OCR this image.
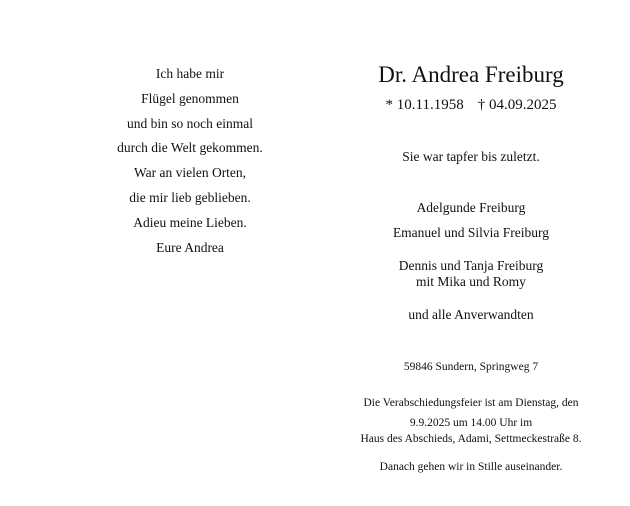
Ich habe mir
Flügel genommen
und bin so noch einmal
durch die Welt gekommen.
War an vielen Orten,
die mir lieb geblieben.
Adieu meine Lieben.
Eure Andrea
Dr. Andrea Freiburg
* 10.11.1958 † 04.09.2025
Sie war tapfer bis zuletzt.
Adelgunde Freiburg
Emanuel und Silvia Freiburg
Dennis und Tanja Freiburg
mit Mika und Romy
und alle Anverwandten
59846 Sundern, Springweg 7
Die Verabschiedungsfeier ist am Dienstag, den
9.9.2025 um 14.00 Uhr im
Haus des Abschieds, Adami, Settmeckestraße 8.
Danach gehen wir in Stille auseinander.
